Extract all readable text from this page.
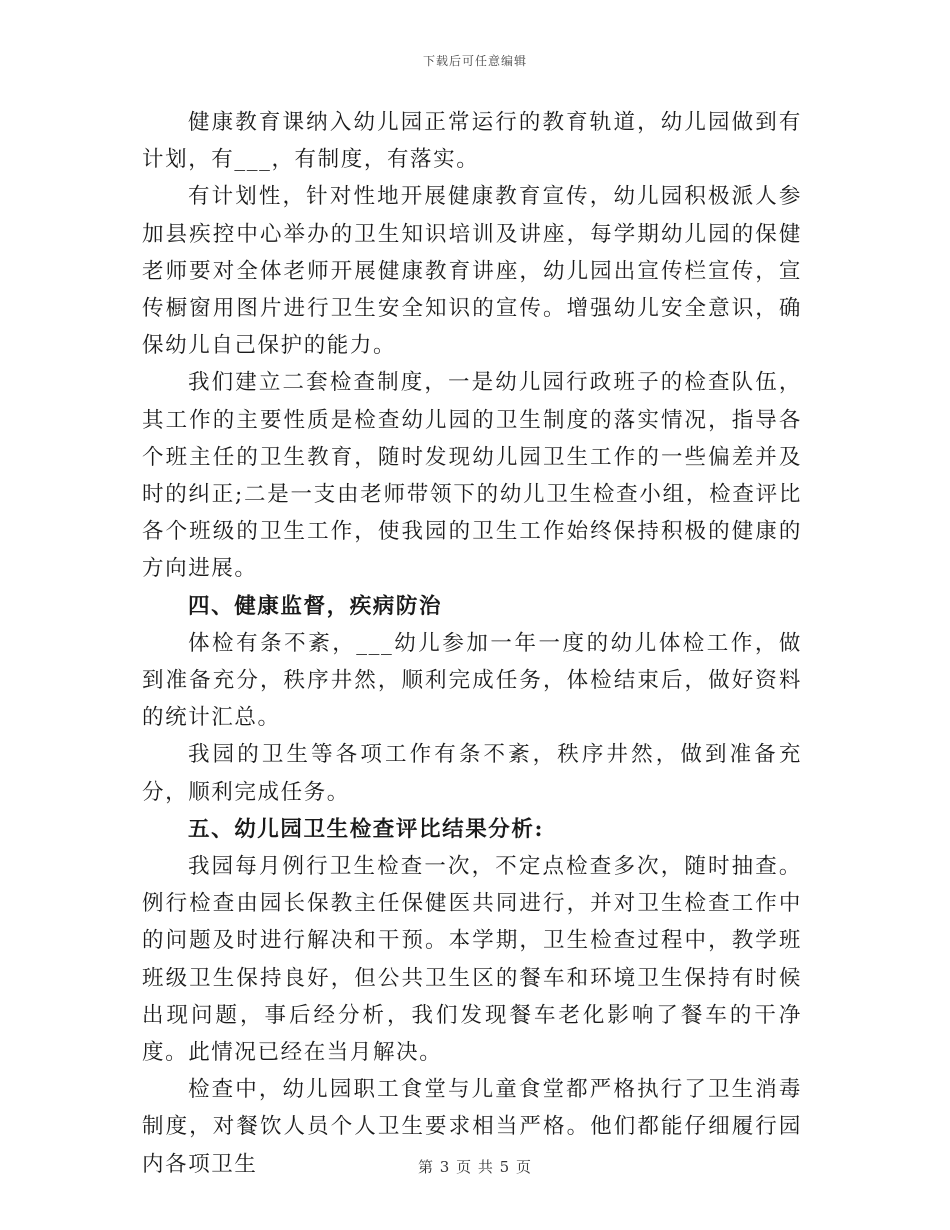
下载后可任意编辑

健康教育课纳入幼儿园正常运行的教育轨道，幼儿园做到有计划，有___，有制度，有落实。

有计划性，针对性地开展健康教育宣传，幼儿园积极派人参加县疾控中心举办的卫生知识培训及讲座，每学期幼儿园的保健老师要对全体老师开展健康教育讲座，幼儿园出宣传栏宣传，宣传橱窗用图片进行卫生安全知识的宣传。增强幼儿安全意识，确保幼儿自己保护的能力。

我们建立二套检查制度，一是幼儿园行政班子的检查队伍，其工作的主要性质是检查幼儿园的卫生制度的落实情况，指导各个班主任的卫生教育，随时发现幼儿园卫生工作的一些偏差并及时的纠正;二是一支由老师带领下的幼儿卫生检查小组，检查评比各个班级的卫生工作，使我园的卫生工作始终保持积极的健康的方向进展。

四、健康监督，疾病防治

体检有条不紊，___幼儿参加一年一度的幼儿体检工作，做到准备充分，秩序井然，顺利完成任务，体检结束后，做好资料的统计汇总。

我园的卫生等各项工作有条不紊，秩序井然，做到准备充分，顺利完成任务。

五、幼儿园卫生检查评比结果分析:

我园每月例行卫生检查一次，不定点检查多次，随时抽查。例行检查由园长保教主任保健医共同进行，并对卫生检查工作中的问题及时进行解决和干预。本学期，卫生检查过程中，教学班班级卫生保持良好，但公共卫生区的餐车和环境卫生保持有时候出现问题，事后经分析，我们发现餐车老化影响了餐车的干净度。此情况已经在当月解决。

检查中，幼儿园职工食堂与儿童食堂都严格执行了卫生消毒制度，对餐饮人员个人卫生要求相当严格。他们都能仔细履行园内各项卫生	第 3 页 共 5 页
